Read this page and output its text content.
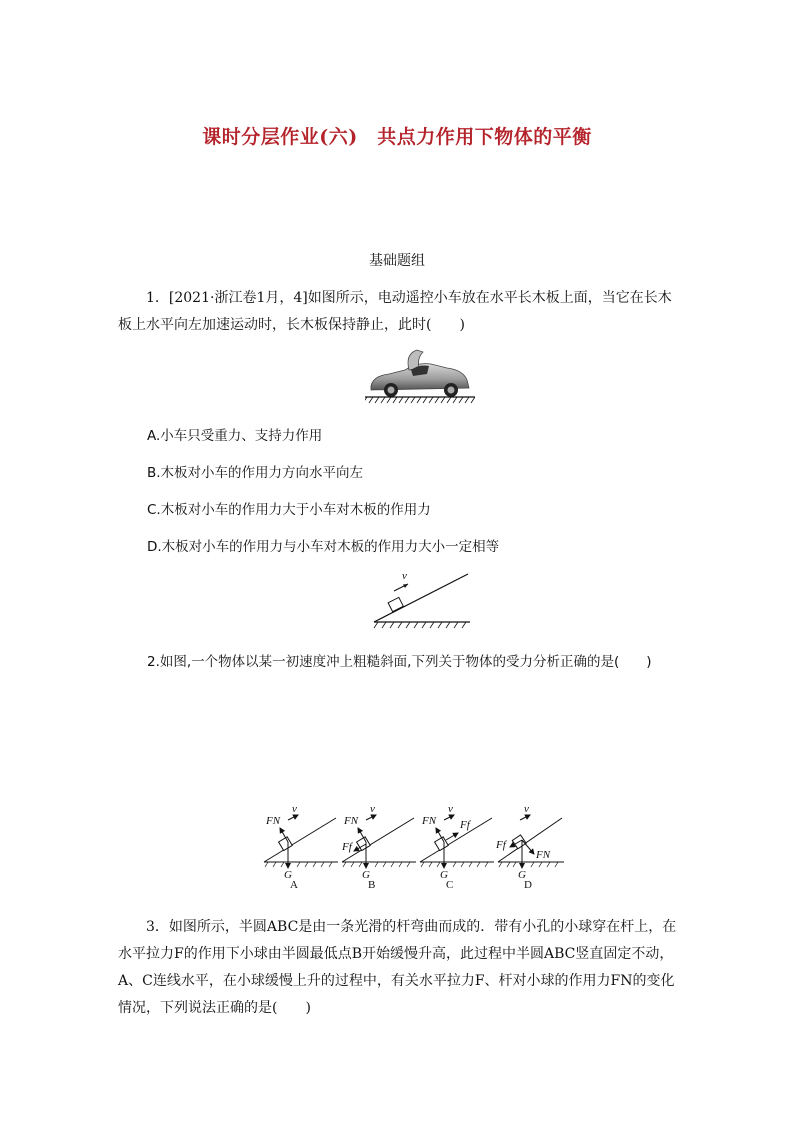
课时分层作业(六)　共点力作用下物体的平衡
基础题组
1．[2021·浙江卷1月，4]如图所示，电动遥控小车放在水平长木板上面，当它在长木板上水平向左加速运动时，长木板保持静止，此时(　　)
A.小车只受重力、支持力作用
B.木板对小车的作用力方向水平向左
C.木板对小车的作用力大于小车对木板的作用力
D.木板对小车的作用力与小车对木板的作用力大小一定相等
v
2.如图,一个物体以某一初速度冲上粗糙斜面,下列关于物体的受力分析正确的是(　　)
v
FN
G
A
v
FN
Ff
G
B
v
FN Ff
G
C
v
Ff
FN
G
D
3．如图所示，半圆ABC是由一条光滑的杆弯曲而成的．带有小孔的小球穿在杆上，在水平拉力F的作用下小球由半圆最低点B开始缓慢升高，此过程中半圆ABC竖直固定不动，A、C连线水平，在小球缓慢上升的过程中，有关水平拉力F、杆对小球的作用力FN的变化情况，下列说法正确的是(　　)
